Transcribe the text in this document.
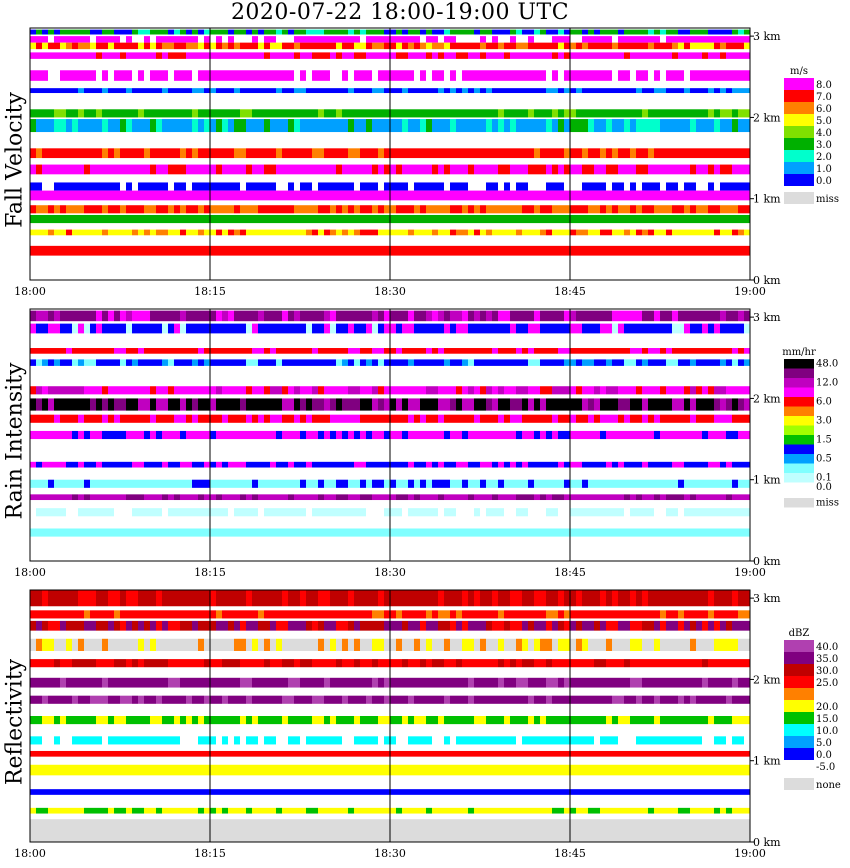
2020-07-22 18:00-19:00 UTC
Fall Velocity
18:00	18:15	18:30	18:45	19:00
0 km
1 km
2 km
3 km
m/s
8.0
7.0
6.0
5.0
4.0
3.0
2.0
1.0
0.0
miss
Rain Intensity
18:00	18:15	18:30	18:45	19:00
0 km
1 km
2 km
3 km
mm/hr
48.0
12.0
6.0
3.0
1.5
0.5
0.1
0.0
miss
Reflectivity
18:00	18:15	18:30	18:45	19:00
0 km
1 km
2 km
3 km
dBZ
40.0
35.0
30.0
25.0
20.0
15.0
10.0
5.0
0.0
-5.0
none
